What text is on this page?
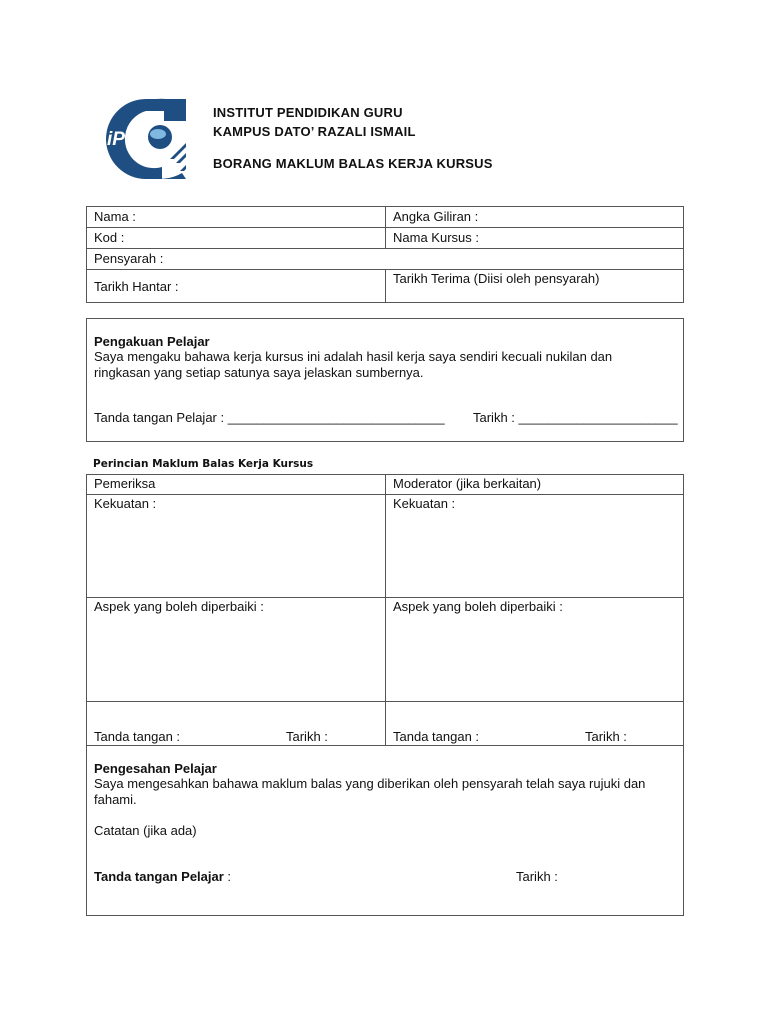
iPG
INSTITUT PENDIDIKAN GURU
KAMPUS DATO’ RAZALI ISMAIL
BORANG MAKLUM BALAS KERJA KURSUS
Nama :	Angka Giliran :
Kod :	Nama Kursus :
Pensyarah :	
Tarikh Hantar :	Tarikh Terima (Diisi oleh pensyarah)
Pengakuan Pelajar
Saya mengaku bahawa kerja kursus ini adalah hasil kerja saya sendiri kecuali nukilan dan ringkasan yang setiap satunya saya jelaskan sumbernya.
Tanda tangan Pelajar : ______________________________ Tarikh : ______________________
Perincian Maklum Balas Kerja Kursus
Pemeriksa	Moderator (jika berkaitan)
Kekuatan :	Kekuatan :
Aspek yang boleh diperbaiki :	Aspek yang boleh diperbaiki :
Tanda tangan : Tarikh :	Tanda tangan : Tarikh :
Pengesahan Pelajar
Saya mengesahkan bahawa maklum balas yang diberikan oleh pensyarah telah saya rujuki dan fahami.
Catatan (jika ada)
Tanda tangan Pelajar :	Tarikh :
